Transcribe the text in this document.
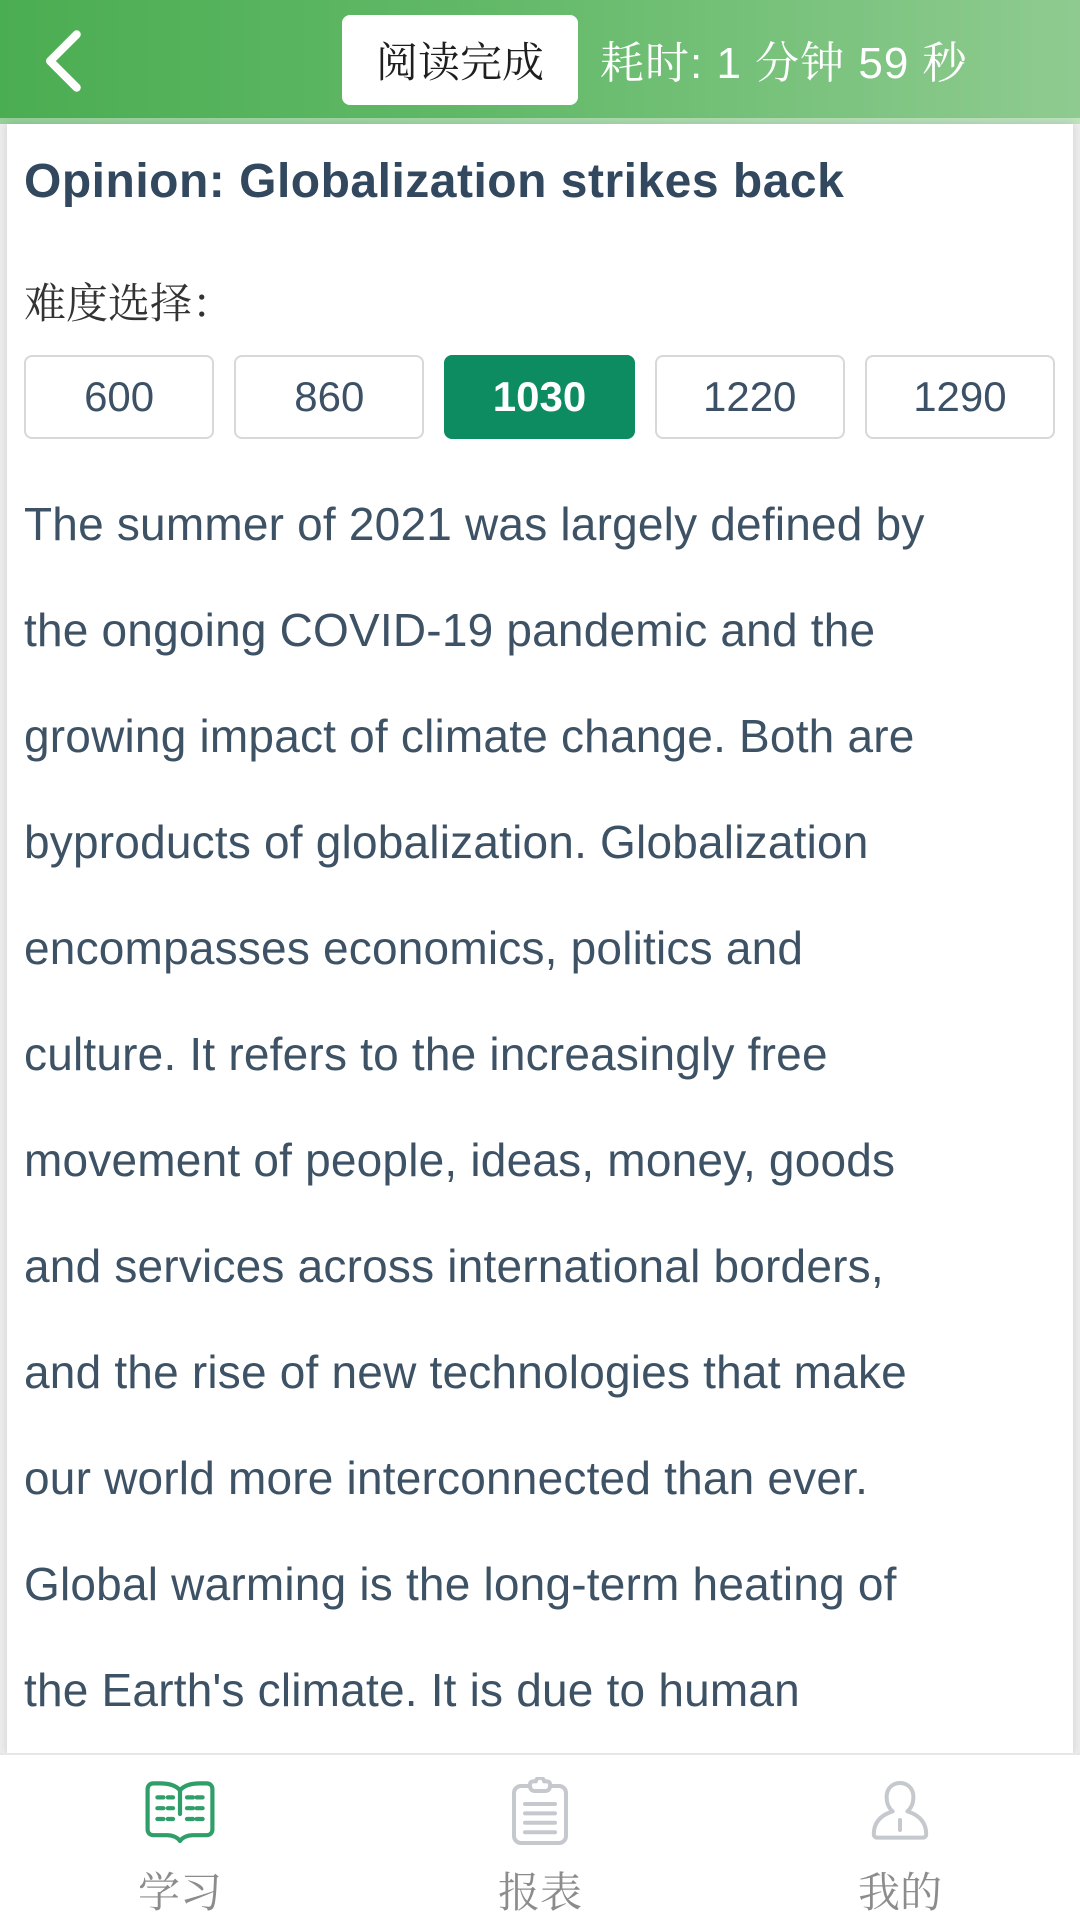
阅读完成	耗时: 1 分钟 59 秒
Opinion: Globalization strikes back
难度选择：
600	860	1030	1220	1290
The summer of 2021 was largely defined by
the ongoing COVID-19 pandemic and the
growing impact of climate change. Both are
byproducts of globalization. Globalization
encompasses economics, politics and
culture. It refers to the increasingly free
movement of people, ideas, money, goods
and services across international borders,
and the rise of new technologies that make
our world more interconnected than ever.
Global warming is the long-term heating of
the Earth's climate. It is due to human
学习	报表	我的
